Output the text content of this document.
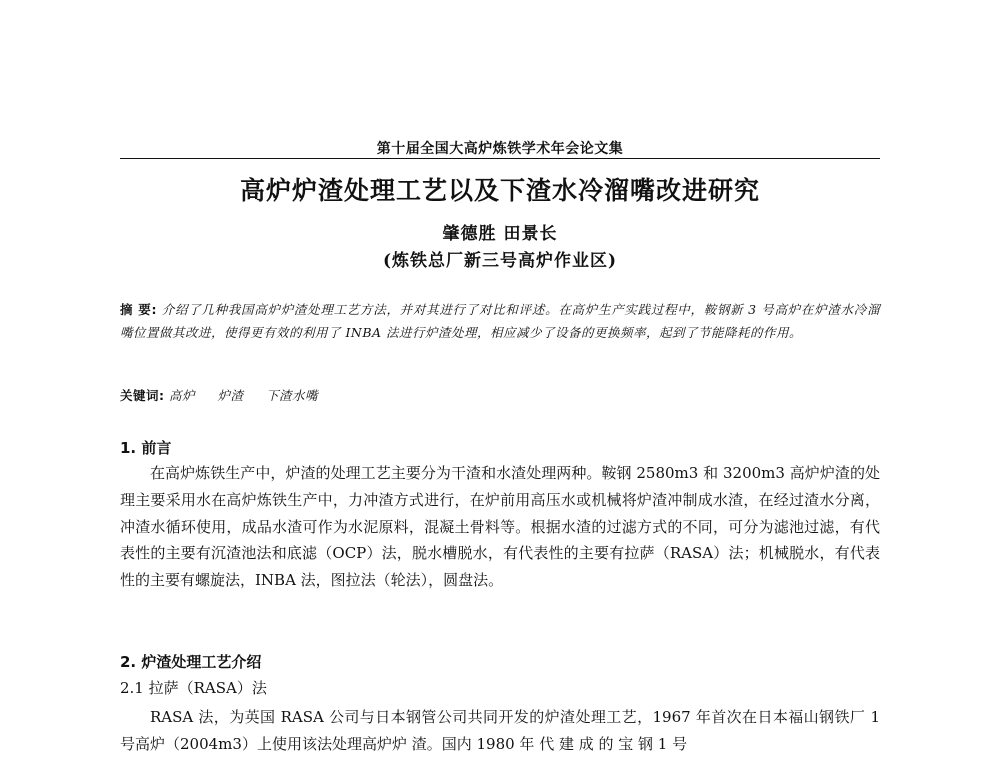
第十届全国大高炉炼铁学术年会论文集
高炉炉渣处理工艺以及下渣水冷溜嘴改进研究
肇德胜 田景长
(炼铁总厂新三号高炉作业区)
摘 要: 介绍了几种我国高炉炉渣处理工艺方法，并对其进行了对比和评述。在高炉生产实践过程中，鞍钢新 3 号高炉在炉渣水冷溜嘴位置做其改进，使得更有效的利用了 INBA 法进行炉渣处理，相应减少了设备的更换频率，起到了节能降耗的作用。
关键词: 高炉 炉渣 下渣水嘴
1. 前言
在高炉炼铁生产中，炉渣的处理工艺主要分为干渣和水渣处理两种。鞍钢 2580m3 和 3200m3 高炉炉渣的处理主要采用水在高炉炼铁生产中，力冲渣方式进行，在炉前用高压水或机械将炉渣冲制成水渣，在经过渣水分离，冲渣水循环使用，成品水渣可作为水泥原料，混凝土骨料等。根据水渣的过滤方式的不同，可分为滤池过滤，有代表性的主要有沉渣池法和底滤（OCP）法，脱水槽脱水，有代表性的主要有拉萨（RASA）法；机械脱水，有代表性的主要有螺旋法，INBA 法，图拉法（轮法），圆盘法。
2. 炉渣处理工艺介绍
2.1 拉萨（RASA）法
RASA 法，为英国 RASA 公司与日本钢管公司共同开发的炉渣处理工艺，1967 年首次在日本福山钢铁厂 1 号高炉（2004m3）上使用该法处理高炉炉 渣。国内 1980 年 代 建 成 的 宝 钢 1 号
